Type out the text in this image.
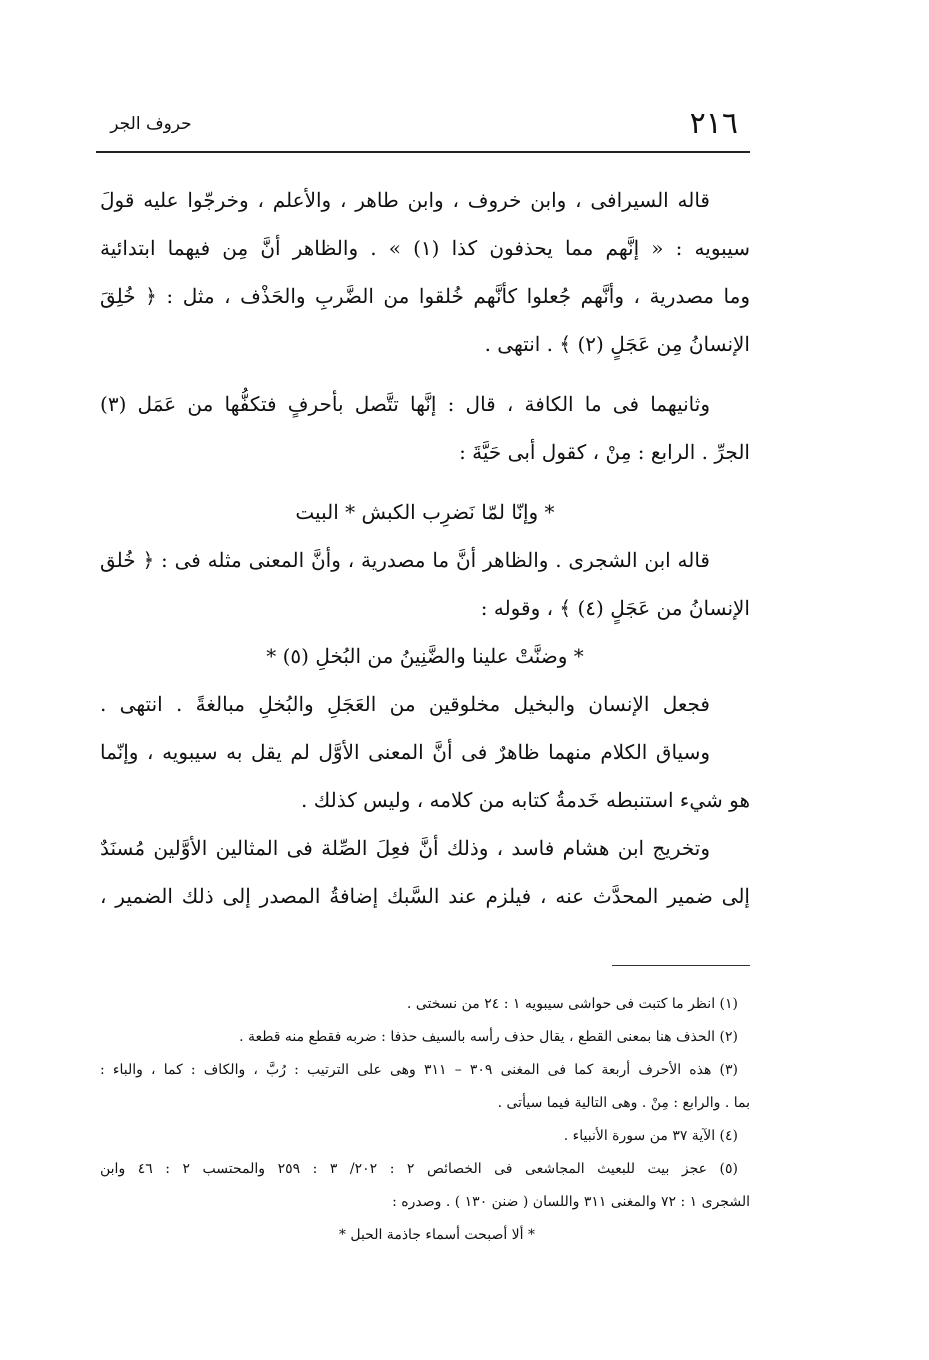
٢١٦
حروف الجر
قاله السيرافى ، وابن خروف ، وابن طاهر ، والأعلم ، وخرجّوا عليه قولَ
سيبويه : « إنَّهم مما يحذفون كذا (١) » . والظاهر أنَّ مِن فيهما ابتدائية
وما مصدرية ، وأنَّهم جُعلوا كأنَّهم خُلقوا من الضَّربِ والحَذْف ، مثل : ﴿ خُلِقَ
الإنسانُ مِن عَجَلٍ (٢) ﴾ . انتهى .
وثانيهما فى ما الكافة ، قال : إنَّها تتَّصل بأحرفٍ فتكفُّها من عَمَل (٣)
الجرِّ . الرابع : مِنْ ، كقول أبى حَيَّةَ :
* وإنّا لمّا نَضرِب الكبش * البيت
قاله ابن الشجرى . والظاهر أنَّ ما مصدرية ، وأنَّ المعنى مثله فى : ﴿ خُلق
الإنسانُ من عَجَلٍ (٤) ﴾ ، وقوله :
* وضنَّتْ علينا والضَّنِينُ من البُخلِ (٥) *
فجعل الإنسان والبخيل مخلوقين من العَجَلِ والبُخلِ مبالغةً . انتهى .
وسياق الكلام منهما ظاهرٌ فى أنَّ المعنى الأوَّل لم يقل به سيبويه ، وإنّما
هو شيء استنبطه خَدمةُ كتابه من كلامه ، وليس كذلك .
وتخريج ابن هشام فاسد ، وذلك أنَّ فعِلَ الصِّلة فى المثالين الأوَّلين مُسنَدٌ
إلى ضمير المحدَّث عنه ، فيلزم عند السَّبك إضافةُ المصدر إلى ذلك الضمير ،
(١) انظر ما كتبت فى حواشى سيبويه ١ : ٢٤ من نسختى .
(٢) الحذف هنا بمعنى القطع ، يقال حذف رأسه بالسيف حذفا : ضربه فقطع منه قطعة .
(٣) هذه الأحرف أربعة كما فى المغنى ٣٠٩ – ٣١١ وهى على الترتيب : رُبَّ ، والكاف : كما ، والباء :
بما . والرابع : مِنْ . وهى التالية فيما سيأتى .
(٤) الآية ٣٧ من سورة الأنبياء .
(٥) عجز بيت للبعيث المجاشعى فى الخصائص ٢ : ٢٠٢/ ٣ : ٢٥٩ والمحتسب ٢ : ٤٦ وابن
الشجرى ١ : ٧٢ والمغنى ٣١١ واللسان ( ضنن ١٣٠ ) . وصدره :
* ألا أصبحت أسماء جاذمة الحبل *
